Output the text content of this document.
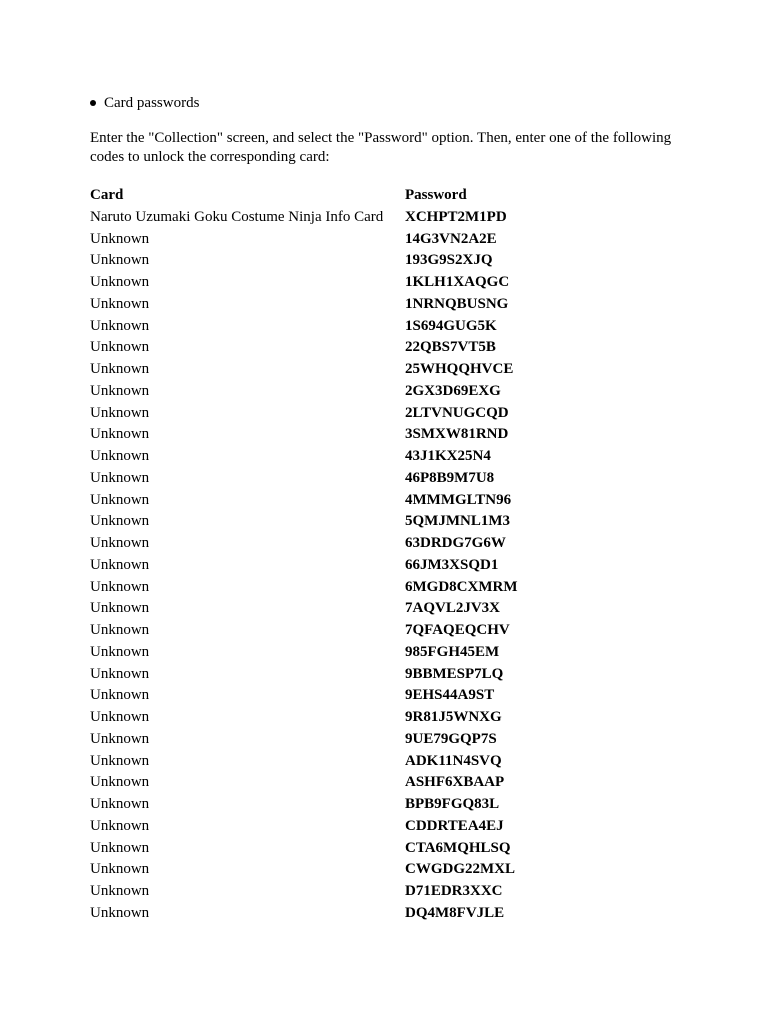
Card passwords
Enter the "Collection" screen, and select the "Password" option. Then, enter one of the following codes to unlock the corresponding card:
Card	Password
Naruto Uzumaki Goku Costume Ninja Info Card	XCHPT2M1PD
Unknown	14G3VN2A2E
Unknown	193G9S2XJQ
Unknown	1KLH1XAQGC
Unknown	1NRNQBUSNG
Unknown	1S694GUG5K
Unknown	22QBS7VT5B
Unknown	25WHQQHVCE
Unknown	2GX3D69EXG
Unknown	2LTVNUGCQD
Unknown	3SMXW81RND
Unknown	43J1KX25N4
Unknown	46P8B9M7U8
Unknown	4MMMGLTN96
Unknown	5QMJMNL1M3
Unknown	63DRDG7G6W
Unknown	66JM3XSQD1
Unknown	6MGD8CXMRM
Unknown	7AQVL2JV3X
Unknown	7QFAQEQCHV
Unknown	985FGH45EM
Unknown	9BBMESP7LQ
Unknown	9EHS44A9ST
Unknown	9R81J5WNXG
Unknown	9UE79GQP7S
Unknown	ADK11N4SVQ
Unknown	ASHF6XBAAP
Unknown	BPB9FGQ83L
Unknown	CDDRTEA4EJ
Unknown	CTA6MQHLSQ
Unknown	CWGDG22MXL
Unknown	D71EDR3XXC
Unknown	DQ4M8FVJLE
